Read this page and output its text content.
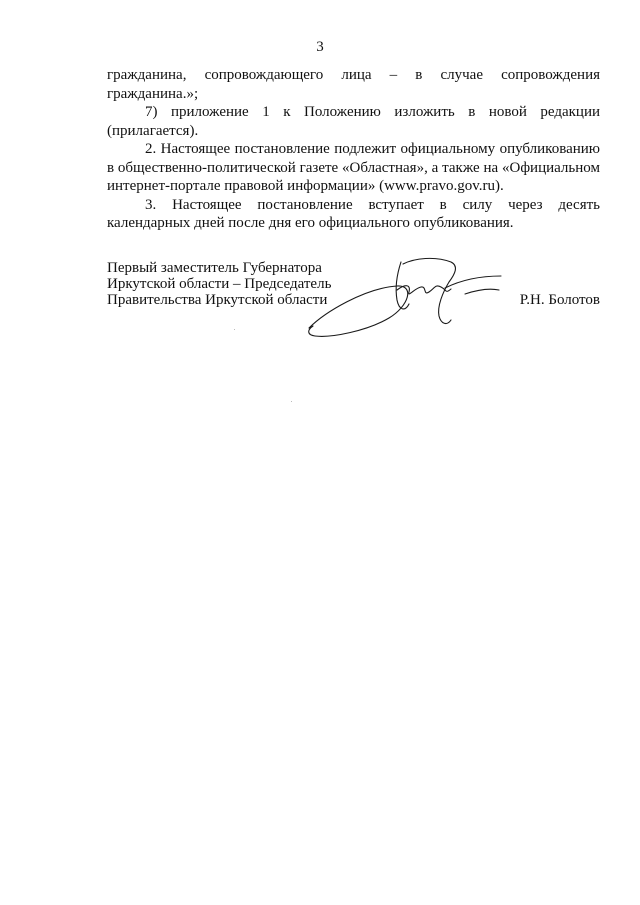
3

гражданина, сопровождающего лица – в случае сопровождения гражданина.»;

7) приложение 1 к Положению изложить в новой редакции (прилагается).

2. Настоящее постановление подлежит официальному опубликованию в общественно-политической газете «Областная», а также на «Официальном интернет-портале правовой информации» (www.pravo.gov.ru).

3. Настоящее постановление вступает в силу через десять календарных дней после дня его официального опубликования.

Первый заместитель Губернатора
Иркутской области – Председатель
Правительства Иркутской области	Р.Н. Болотов
